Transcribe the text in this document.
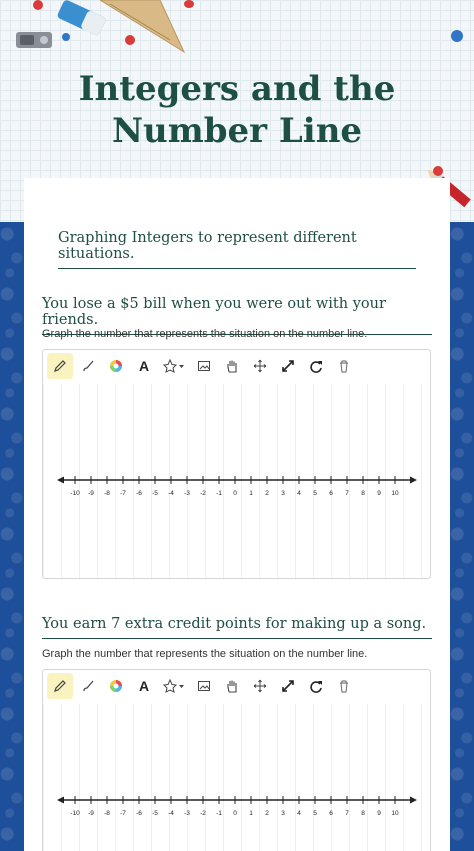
Integers and the Number Line
Graphing Integers to represent different situations.
You lose a $5 bill when you were out with your friends.
Graph the number that represents the situation on the number line.
A
-10 -9 -8 -7 -6 -5 -4 -3 -2 -1 0 1 2 3 4 5 6 7 8 9 10
You earn 7 extra credit points for making up a song.
Graph the number that represents the situation on the number line.
A
-10 -9 -8 -7 -6 -5 -4 -3 -2 -1 0 1 2 3 4 5 6 7 8 9 10
